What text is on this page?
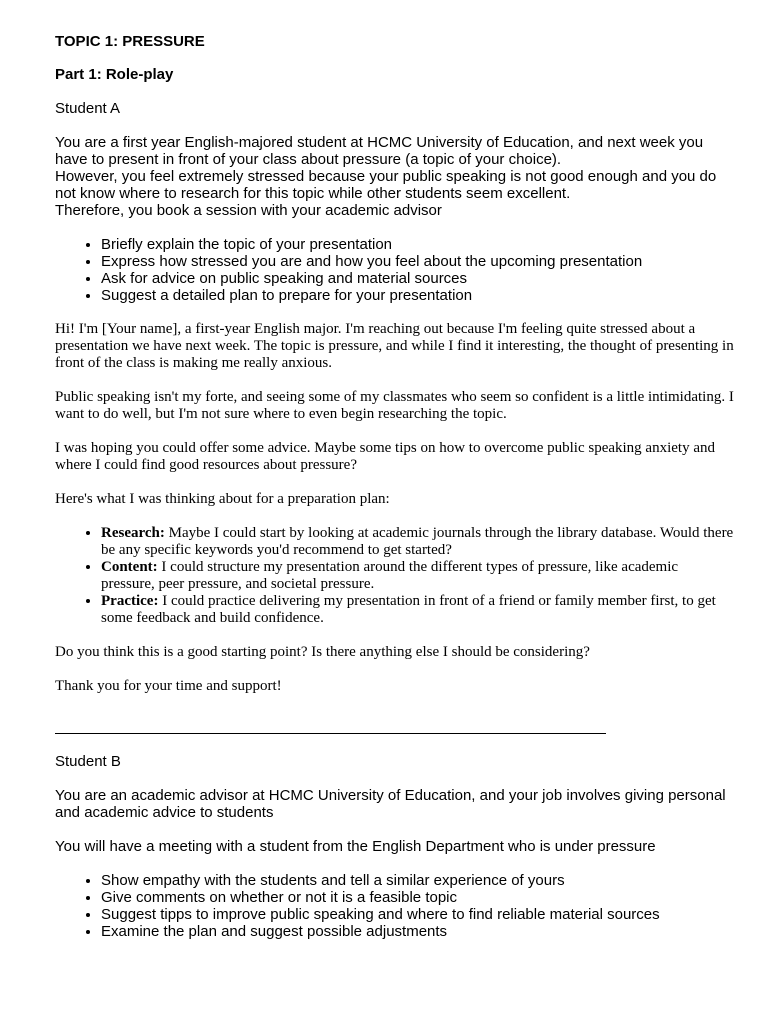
TOPIC 1: PRESSURE

Part 1: Role-play

Student A

You are a first year English-majored student at HCMC University of Education, and next week you have to present in front of your class about pressure (a topic of your choice).

However, you feel extremely stressed because your public speaking is not good enough and you do not know where to research for this topic while other students seem excellent.

Therefore, you book a session with your academic advisor

• Briefly explain the topic of your presentation
• Express how stressed you are and how you feel about the upcoming presentation
• Ask for advice on public speaking and material sources
• Suggest a detailed plan to prepare for your presentation

Hi! I'm [Your name], a first-year English major. I'm reaching out because I'm feeling quite stressed about a presentation we have next week. The topic is pressure, and while I find it interesting, the thought of presenting in front of the class is making me really anxious.

Public speaking isn't my forte, and seeing some of my classmates who seem so confident is a little intimidating. I want to do well, but I'm not sure where to even begin researching the topic.

I was hoping you could offer some advice. Maybe some tips on how to overcome public speaking anxiety and where I could find good resources about pressure?

Here's what I was thinking about for a preparation plan:

• Research: Maybe I could start by looking at academic journals through the library database. Would there be any specific keywords you'd recommend to get started?
• Content: I could structure my presentation around the different types of pressure, like academic pressure, peer pressure, and societal pressure.
• Practice: I could practice delivering my presentation in front of a friend or family member first, to get some feedback and build confidence.

Do you think this is a good starting point? Is there anything else I should be considering?

Thank you for your time and support!

Student B

You are an academic advisor at HCMC University of Education, and your job involves giving personal and academic advice to students

You will have a meeting with a student from the English Department who is under pressure

• Show empathy with the students and tell a similar experience of yours
• Give comments on whether or not it is a feasible topic
• Suggest tipps to improve public speaking and where to find reliable material sources
• Examine the plan and suggest possible adjustments
